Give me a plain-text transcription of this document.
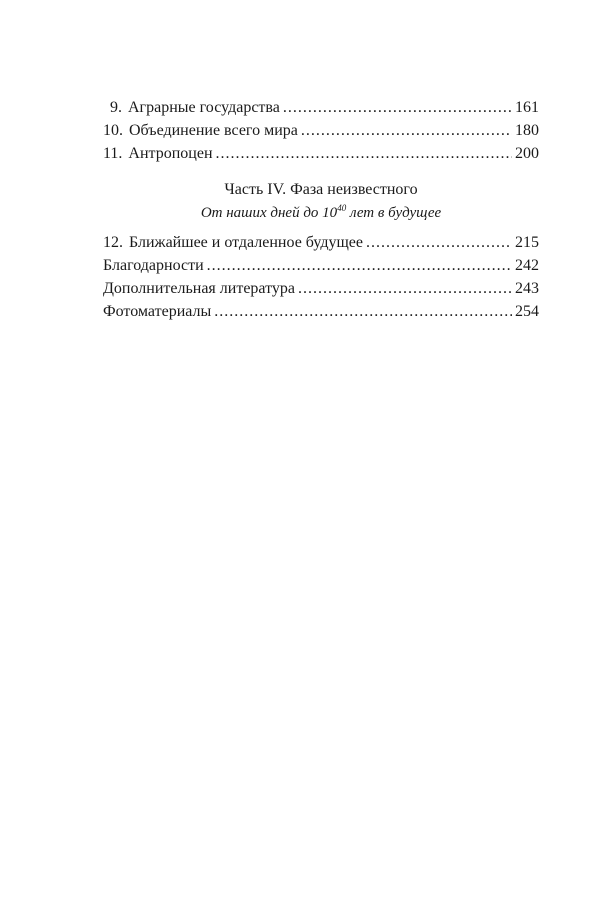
9. Аграрные государства .....	161
10. Объединение всего мира .....	180
11. Антропоцен .....	200
Часть IV. Фаза неизвестного
От наших дней до $10^{40}$ лет в будущее
12. Ближайшее и отдаленное будущее .....	215
Благодарности .....	242
Дополнительная литература .....	243
Фотоматериалы .....	254
